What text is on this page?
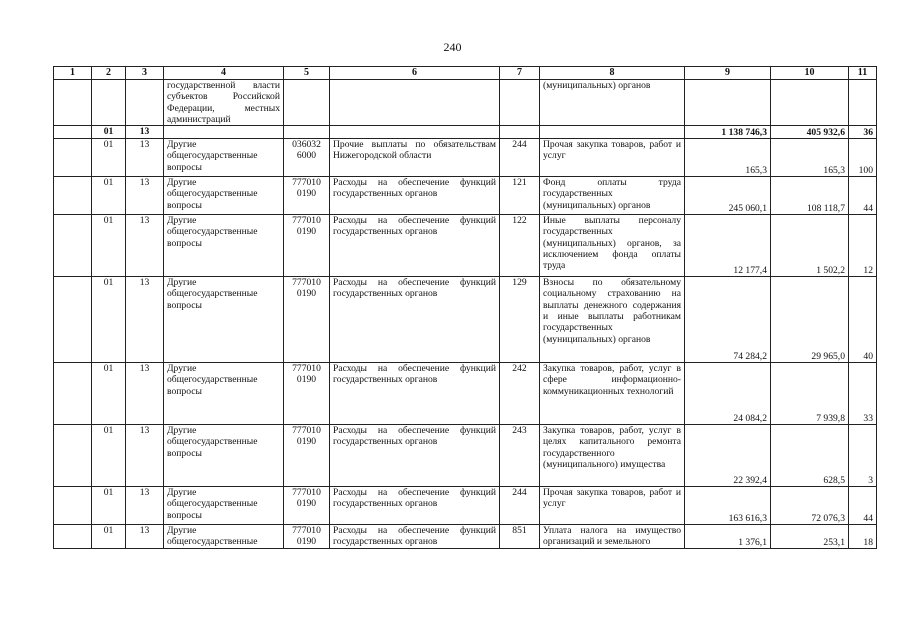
240
1	2	3	4	5	6	7	8	9	10	11
			государственной власти субъектов Российской Федерации, местных администраций				(муниципальных) органов			
	01	13						1 138 746,3	405 932,6	36
	01	13	Другие общегосударственные вопросы	036032 6000	Прочие выплаты по обязательствам Нижегородской области	244	Прочая закупка товаров, работ и услуг	165,3	165,3	100
	01	13	Другие общегосударственные вопросы	777010 0190	Расходы на обеспечение функций государственных органов	121	Фонд оплаты труда государственных (муниципальных) органов	245 060,1	108 118,7	44
	01	13	Другие общегосударственные вопросы	777010 0190	Расходы на обеспечение функций государственных органов	122	Иные выплаты персоналу государственных (муниципальных) органов, за исключением фонда оплаты труда	12 177,4	1 502,2	12
	01	13	Другие общегосударственные вопросы	777010 0190	Расходы на обеспечение функций государственных органов	129	Взносы по обязательному социальному страхованию на выплаты денежного содержания и иные выплаты работникам государственных (муниципальных) органов	74 284,2	29 965,0	40
	01	13	Другие общегосударственные вопросы	777010 0190	Расходы на обеспечение функций государственных органов	242	Закупка товаров, работ, услуг в сфере информационно-коммуникационных технологий	24 084,2	7 939,8	33
	01	13	Другие общегосударственные вопросы	777010 0190	Расходы на обеспечение функций государственных органов	243	Закупка товаров, работ, услуг в целях капитального ремонта государственного (муниципального) имущества	22 392,4	628,5	3
	01	13	Другие общегосударственные вопросы	777010 0190	Расходы на обеспечение функций государственных органов	244	Прочая закупка товаров, работ и услуг	163 616,3	72 076,3	44
	01	13	Другие общегосударственные	777010 0190	Расходы на обеспечение функций государственных органов	851	Уплата налога на имущество организаций и земельного	1 376,1	253,1	18
